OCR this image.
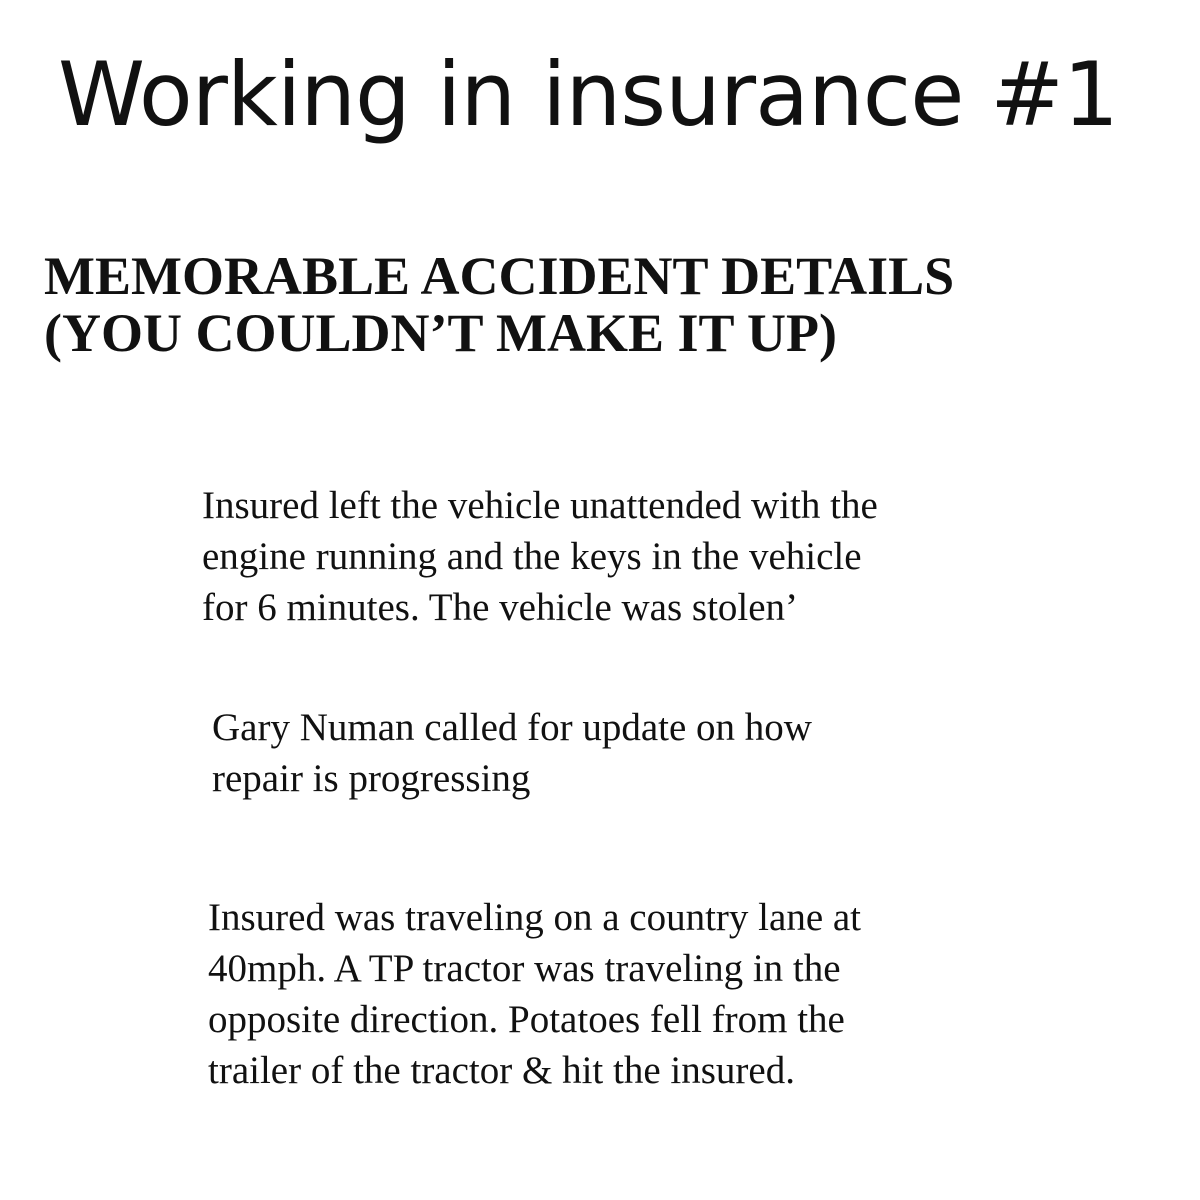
Working in insurance #1
MEMORABLE ACCIDENT DETAILS
(YOU COULDN’T MAKE IT UP)

Insured left the vehicle unattended with the
engine running and the keys in the vehicle
for 6 minutes. The vehicle was stolen’

Gary Numan called for update on how
repair is progressing

Insured was traveling on a country lane at
40mph. A TP tractor was traveling in the
opposite direction. Potatoes fell from the
trailer of the tractor & hit the insured.
